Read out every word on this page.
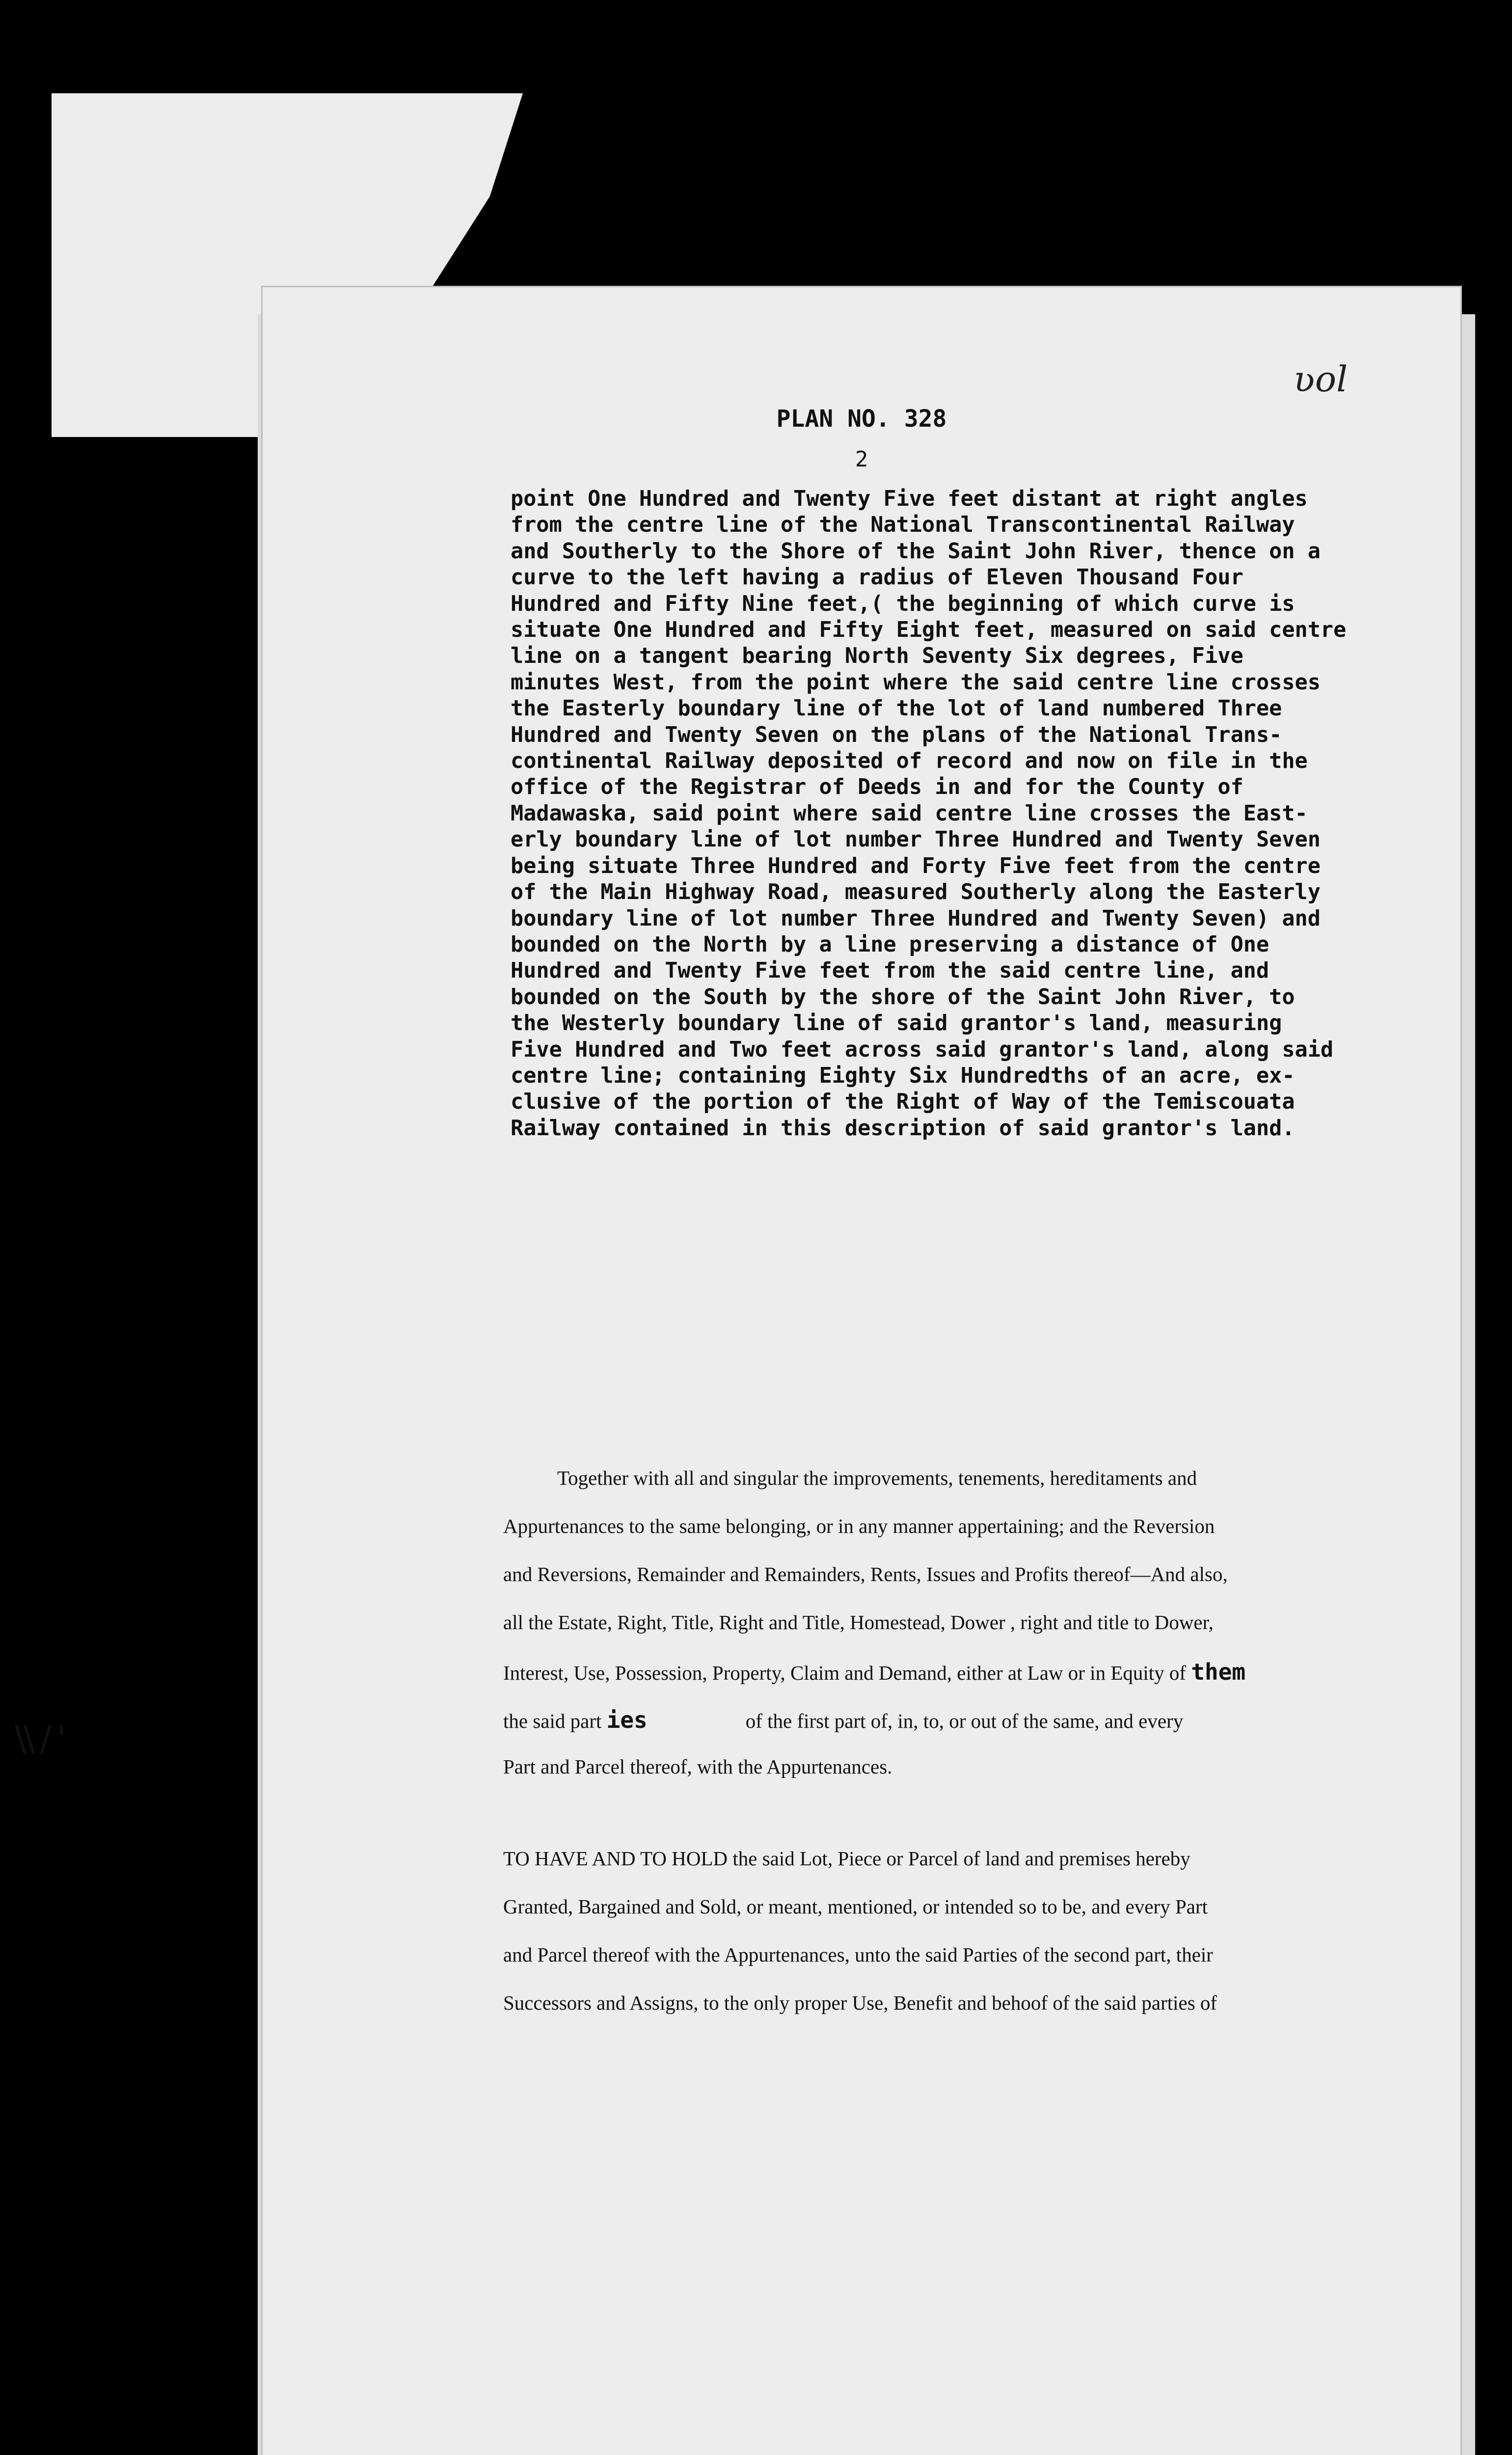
\\ / '
ʋol
PLAN NO. 328
2
point One Hundred and Twenty Five feet distant at right angles
from the centre line of the National Transcontinental Railway
and Southerly to the Shore of the Saint John River, thence on a
curve to the left having a radius of Eleven Thousand Four
Hundred and Fifty Nine feet,( the beginning of which curve is
situate One Hundred and Fifty Eight feet, measured on said centre
line on a tangent bearing North Seventy Six degrees, Five
minutes West, from the point where the said centre line crosses
the Easterly boundary line of the lot of land numbered Three
Hundred and Twenty Seven on the plans of the National Trans-
continental Railway deposited of record and now on file in the
office of the Registrar of Deeds in and for the County of
Madawaska, said point where said centre line crosses the East-
erly boundary line of lot number Three Hundred and Twenty Seven
being situate Three Hundred and Forty Five feet from the centre
of the Main Highway Road, measured Southerly along the Easterly
boundary line of lot number Three Hundred and Twenty Seven) and
bounded on the North by a line preserving a distance of One
Hundred and Twenty Five feet from the said centre line, and
bounded on the South by the shore of the Saint John River, to
the Westerly boundary line of said grantor's land, measuring
Five Hundred and Two feet across said grantor's land, along said
centre line; containing Eighty Six Hundredths of an acre, ex-
clusive of the portion of the Right of Way of the Temiscouata
Railway contained in this description of said grantor's land.
Together with all and singular the improvements, tenements, hereditaments and
Appurtenances to the same belonging, or in any manner appertaining; and the Reversion
and Reversions, Remainder and Remainders, Rents, Issues and Profits thereof—And also,
all the Estate, Right, Title, Right and Title, Homestead, Dower , right and title to Dower,
Interest, Use, Possession, Property, Claim and Demand, either at Law or in Equity of them
the said part ies	of the first part of, in, to, or out of the same, and every
Part and Parcel thereof, with the Appurtenances.
TO HAVE AND TO HOLD the said Lot, Piece or Parcel of land and premises hereby
Granted, Bargained and Sold, or meant, mentioned, or intended so to be, and every Part
and Parcel thereof with the Appurtenances, unto the said Parties of the second part, their
Successors and Assigns, to the only proper Use, Benefit and behoof of the said parties of
